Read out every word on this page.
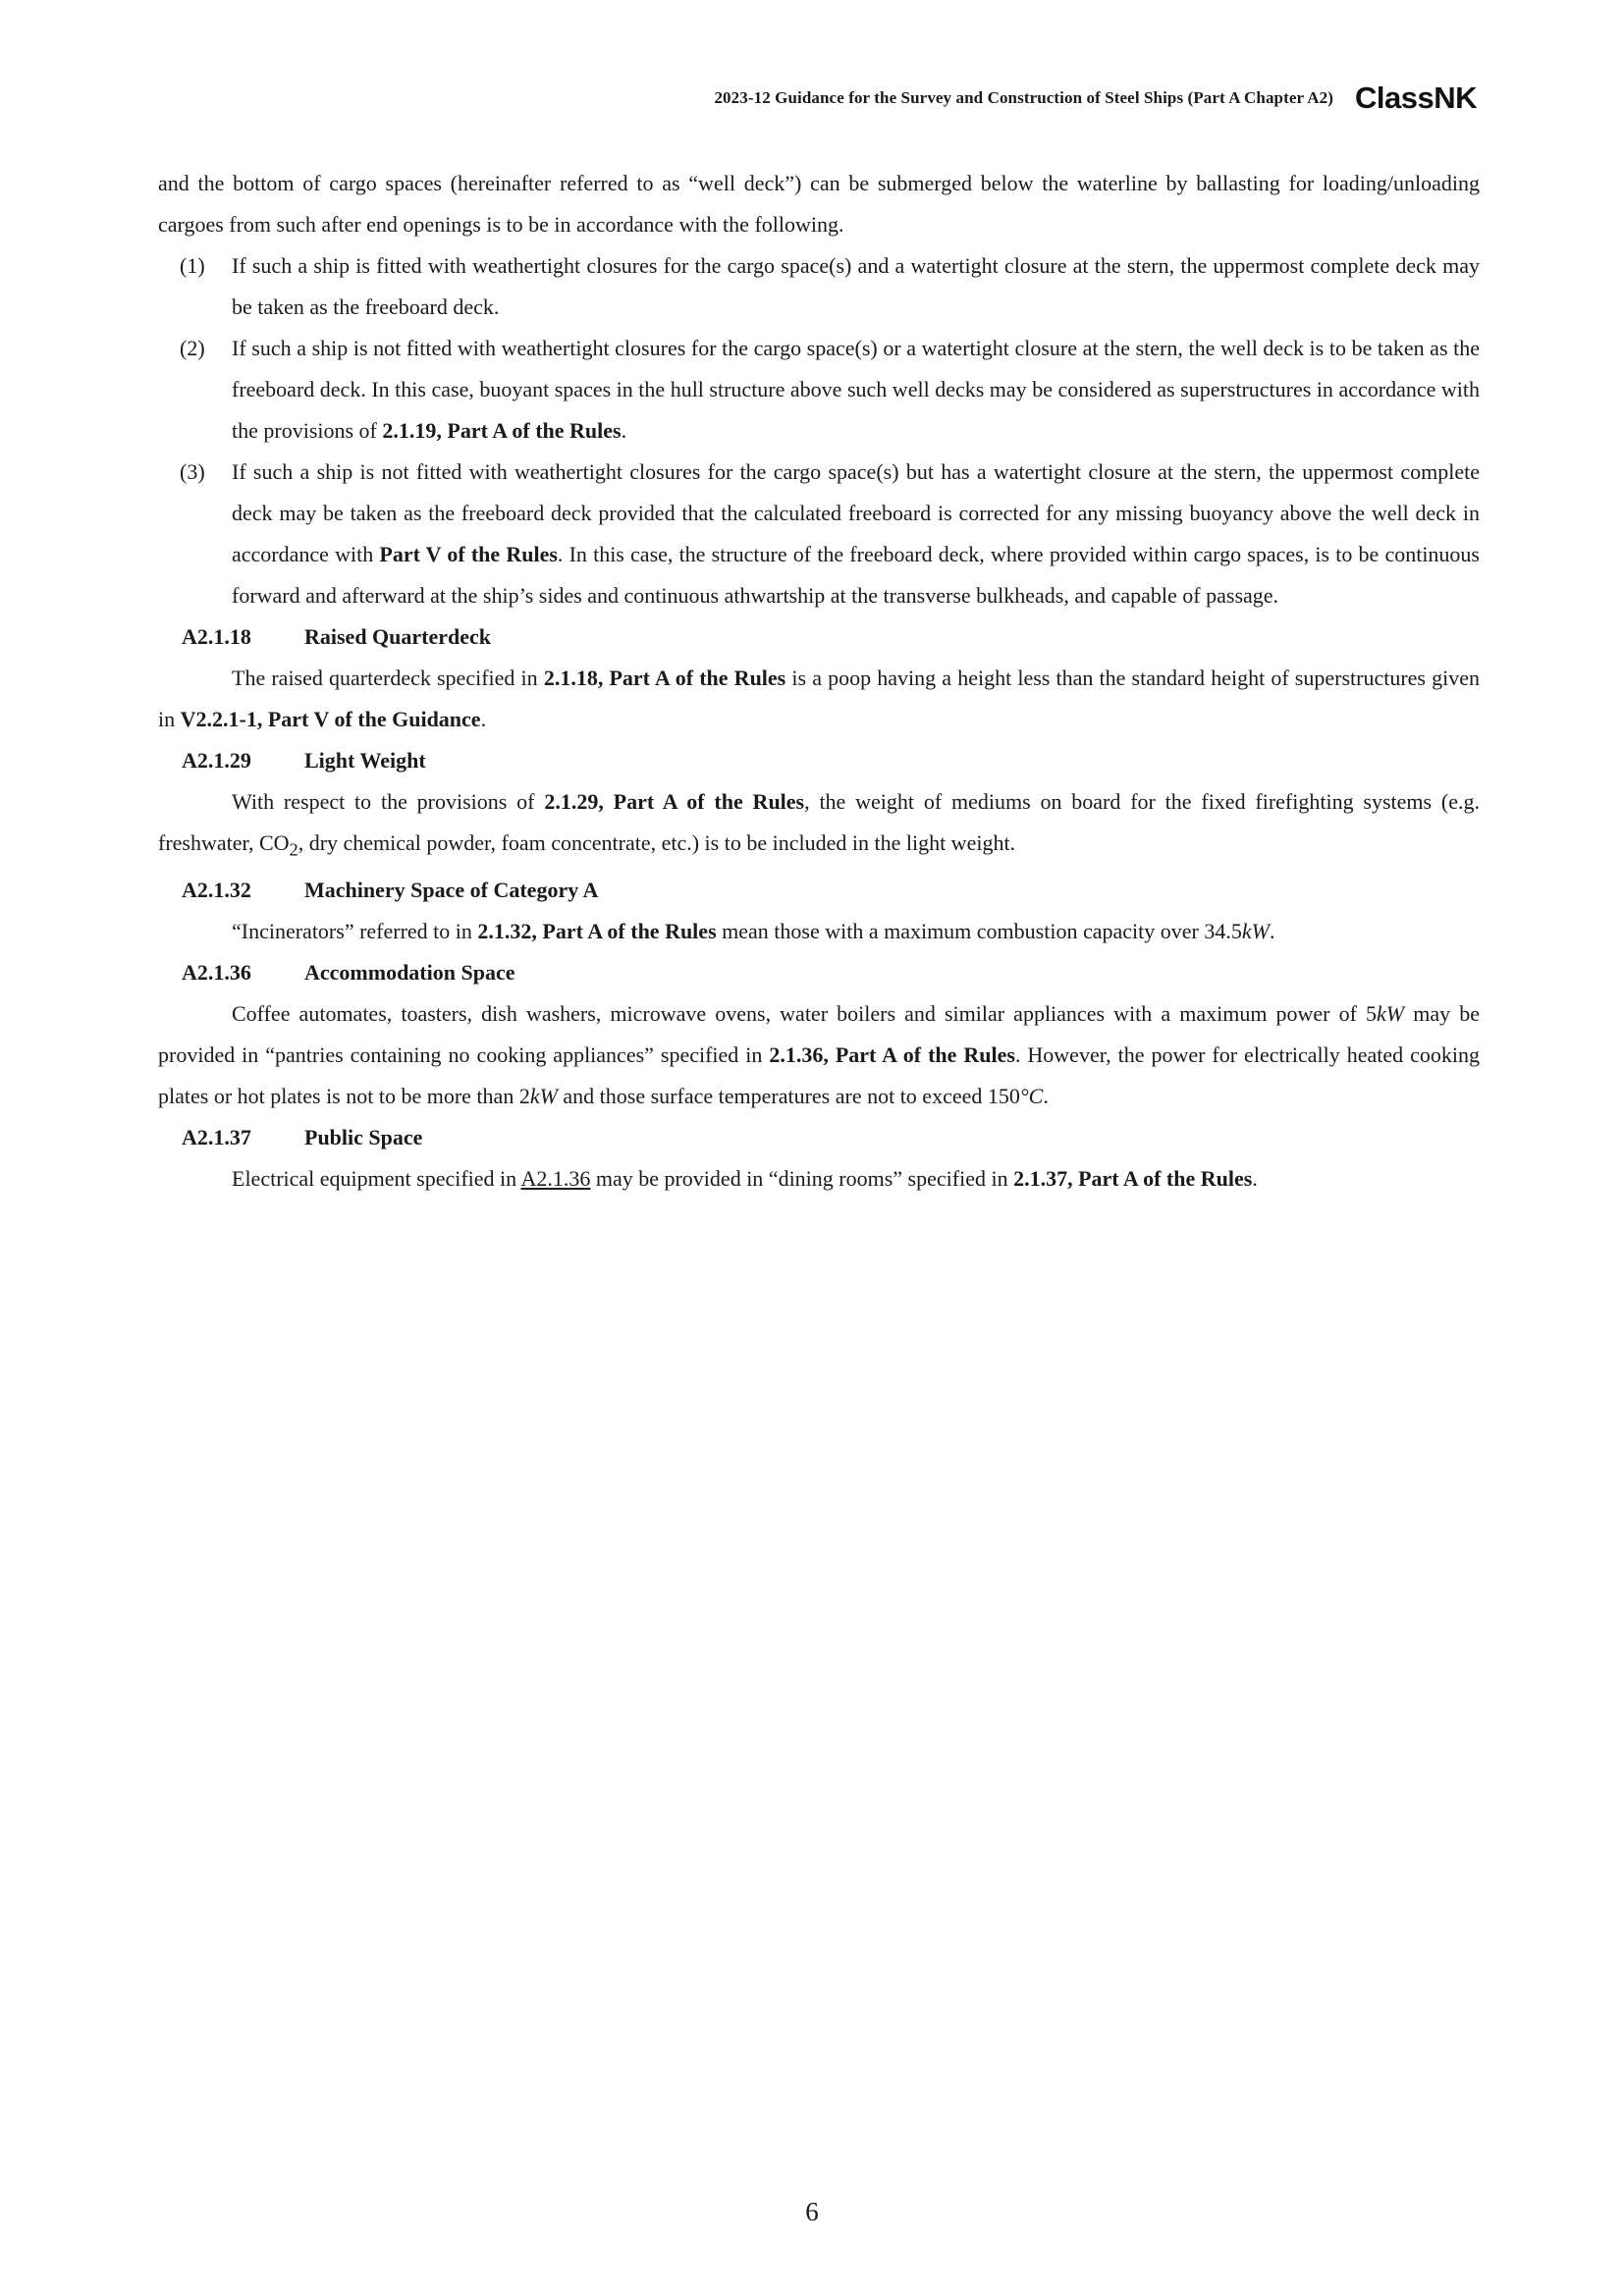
2023-12 Guidance for the Survey and Construction of Steel Ships (Part A Chapter A2) ClassNK

and the bottom of cargo spaces (hereinafter referred to as “well deck”) can be submerged below the waterline by ballasting for loading/unloading cargoes from such after end openings is to be in accordance with the following.

(1)	If such a ship is fitted with weathertight closures for the cargo space(s) and a watertight closure at the stern, the uppermost complete deck may be taken as the freeboard deck.
(2)	If such a ship is not fitted with weathertight closures for the cargo space(s) or a watertight closure at the stern, the well deck is to be taken as the freeboard deck. In this case, buoyant spaces in the hull structure above such well decks may be considered as superstructures in accordance with the provisions of 2.1.19, Part A of the Rules.
(3)	If such a ship is not fitted with weathertight closures for the cargo space(s) but has a watertight closure at the stern, the uppermost complete deck may be taken as the freeboard deck provided that the calculated freeboard is corrected for any missing buoyancy above the well deck in accordance with Part V of the Rules. In this case, the structure of the freeboard deck, where provided within cargo spaces, is to be continuous forward and afterward at the ship’s sides and continuous athwartship at the transverse bulkheads, and capable of passage.
A2.1.18	Raised Quarterdeck

The raised quarterdeck specified in 2.1.18, Part A of the Rules is a poop having a height less than the standard height of superstructures given in V2.2.1-1, Part V of the Guidance.

A2.1.29	Light Weight

With respect to the provisions of 2.1.29, Part A of the Rules, the weight of mediums on board for the fixed firefighting systems (e.g. freshwater, $CO_2$, dry chemical powder, foam concentrate, etc.) is to be included in the light weight.

A2.1.32	Machinery Space of Category A

“Incinerators” referred to in 2.1.32, Part A of the Rules mean those with a maximum combustion capacity over 34.5kW.

A2.1.36	Accommodation Space

Coffee automates, toasters, dish washers, microwave ovens, water boilers and similar appliances with a maximum power of 5kW may be provided in “pantries containing no cooking appliances” specified in 2.1.36, Part A of the Rules. However, the power for electrically heated cooking plates or hot plates is not to be more than 2kW and those surface temperatures are not to exceed 150°C.

A2.1.37	Public Space

Electrical equipment specified in A2.1.36 may be provided in “dining rooms” specified in 2.1.37, Part A of the Rules.

6
